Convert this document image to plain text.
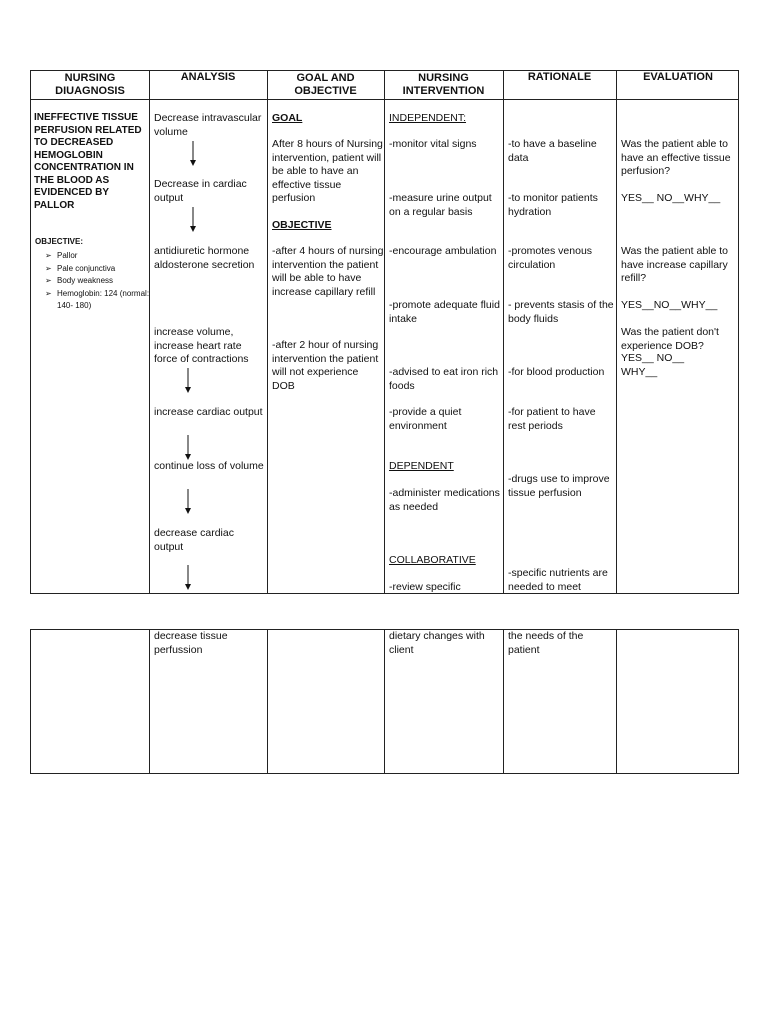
NURSING DIUAGNOSIS
ANALYSIS	GOAL AND OBJECTIVE
NURSING INTERVENTION
RATIONALE	EVALUATION
INEFFECTIVE TISSUE PERFUSION RELATED TO DECREASED HEMOGLOBIN CONCENTRATION IN THE BLOOD AS EVIDENCED BY PALLOR
OBJECTIVE:
➢ Pallor
➢ Pale conjunctiva
➢ Body weakness
➢ Hemoglobin: 124 (normal: 140- 180)
Decrease intravascular volume
Decrease in cardiac output
antidiuretic hormone aldosterone secretion
increase volume, increase heart rate force of contractions
increase cardiac output
continue loss of volume
decrease cardiac output
GOAL
After 8 hours of Nursing intervention, patient will be able to have an effective tissue perfusion
OBJECTIVE
-after 4 hours of nursing intervention the patient will be able to have increase capillary refill
-after 2 hour of nursing intervention the patient will not experience DOB
INDEPENDENT:
-monitor vital signs
-measure urine output on a regular basis
-encourage ambulation
-promote adequate fluid intake
-advised to eat iron rich foods
-provide a quiet environment
DEPENDENT
-administer medications as needed
COLLABORATIVE
-review specific
-to have a baseline data
-to monitor patients hydration
-promotes venous circulation
- prevents stasis of the body fluids
-for blood production
-for patient to have rest periods
-drugs use to improve tissue perfusion
-specific nutrients are needed to meet
Was the patient able to have an effective tissue perfusion?
YES__ NO__WHY__
Was the patient able to have increase capillary refill?
YES__NO__WHY__
Was the patient don't experience DOB?
YES__ NO__
WHY__
decrease tissue perfussion
dietary changes with client
the needs of the patient
